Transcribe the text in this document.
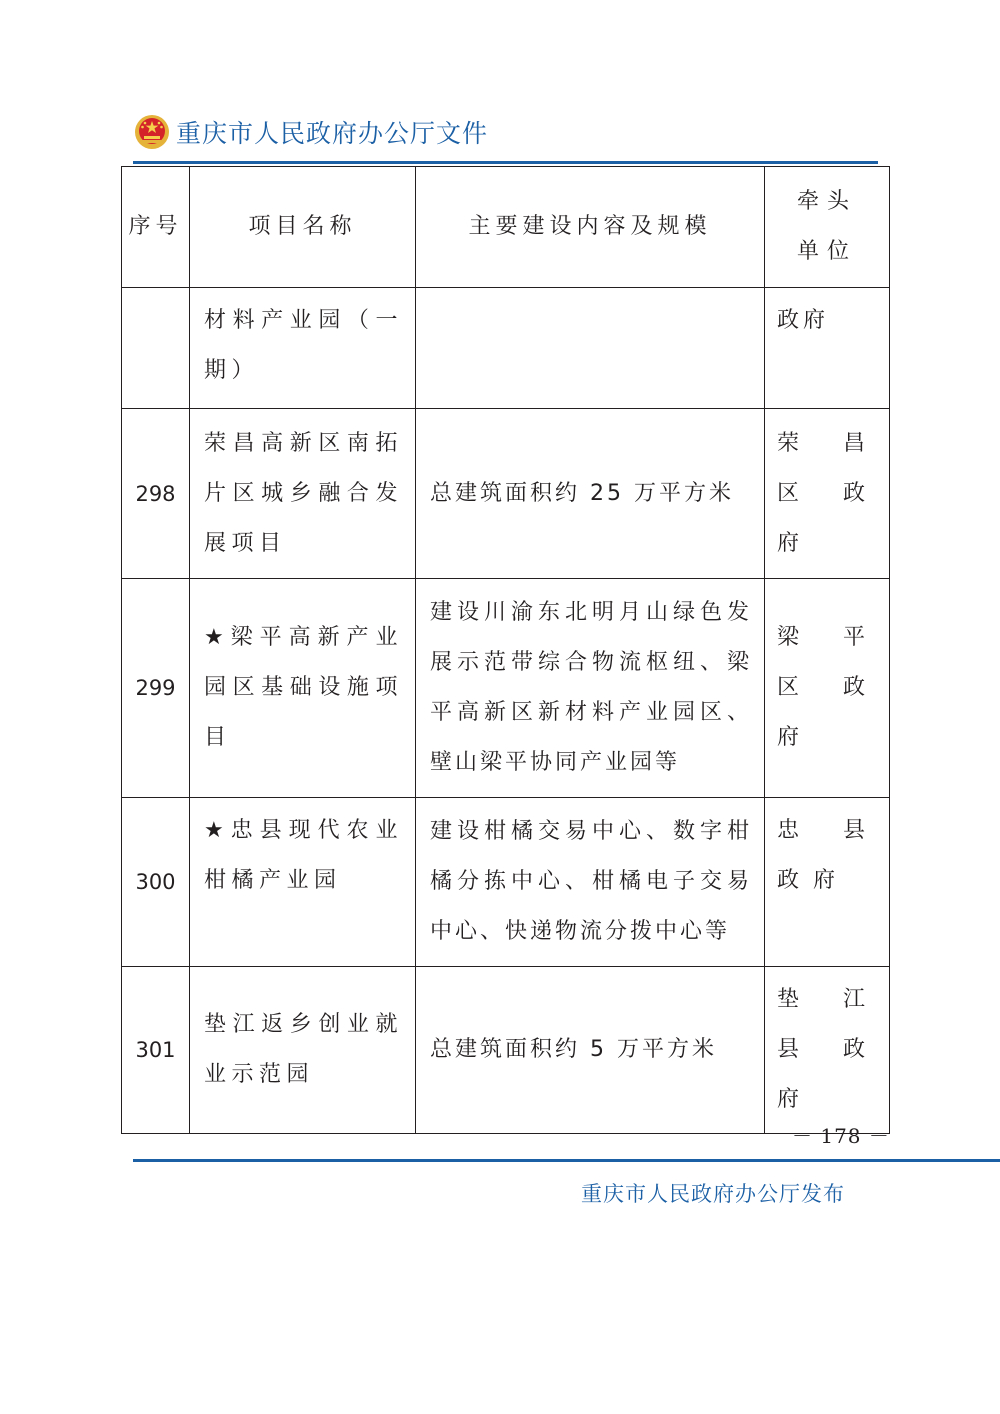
重庆市人民政府办公厅文件
序号	项目名称	主要建设内容及规模	牵头单位
	材料产业园（一期）		政府
298	荣昌高新区南拓片区城乡融合发展项目	总建筑面积约 25 万平方米	荣昌区政府
299	★梁平高新产业园区基础设施项目	建设川渝东北明月山绿色发展示范带综合物流枢纽、梁平高新区新材料产业园区、壁山梁平协同产业园等	梁平区政府
300	★忠县现代农业柑橘产业园	建设柑橘交易中心、数字柑橘分拣中心、柑橘电子交易中心、快递物流分拨中心等	忠县政府
301	垫江返乡创业就业示范园	总建筑面积约 5 万平方米	垫江县政府
－ 178 －
重庆市人民政府办公厅发布
